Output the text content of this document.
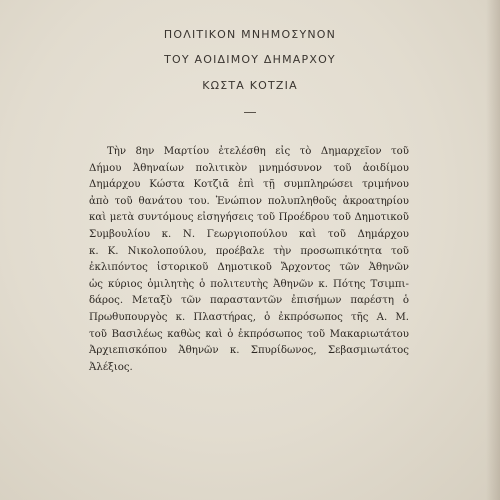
ΠΟΛΙΤΙΚΟΝ ΜΝΗΜΟΣΥΝΟΝ
ΤΟΥ ΑΟΙΔΙΜΟΥ ΔΗΜΑΡΧΟΥ
ΚΩΣΤΑ ΚΟΤΖΙΑ
Τὴν 8ην Μαρτίου ἐτελέσθη εἰς τὸ Δημαρχεῖον τοῦ
Δήμου Ἀθηναίων πολιτικὸν μνημόσυνον τοῦ ἀοιδίμου
Δημάρχου Κώστα Κοτζιᾶ ἐπὶ τῇ συμπληρώσει τριμήνου
ἀπὸ τοῦ θανάτου του. Ἐνώπιον πολυπληθοῦς ἀκροατηρίου
καὶ μετὰ συντόμους εἰσηγήσεις τοῦ Προέδρου τοῦ Δημοτικοῦ
Συμβουλίου κ. Ν. Γεωργιοπούλου καὶ τοῦ Δημάρχου
κ. Κ. Νικολοπούλου, προέβαλε τὴν προσωπικότητα τοῦ
ἐκλιπόντος ἱστορικοῦ Δημοτικοῦ Ἄρχοντος τῶν Ἀθηνῶν
ὡς κύριος ὁμιλητὴς ὁ πολιτευτὴς Ἀθηνῶν κ. Πότης Τσιμπι-
δάρος. Μεταξὺ τῶν παρασταντῶν ἐπισήμων παρέστη ὁ
Πρωθυπουργὸς κ. Πλαστήρας, ὁ ἐκπρόσωπος τῆς Α. Μ.
τοῦ Βασιλέως καθὼς καὶ ὁ ἐκπρόσωπος τοῦ Μακαριωτάτου
Ἀρχιεπισκόπου Ἀθηνῶν κ. Σπυρίδωνος, Σεβασμιωτάτος
Ἀλέξιος.
